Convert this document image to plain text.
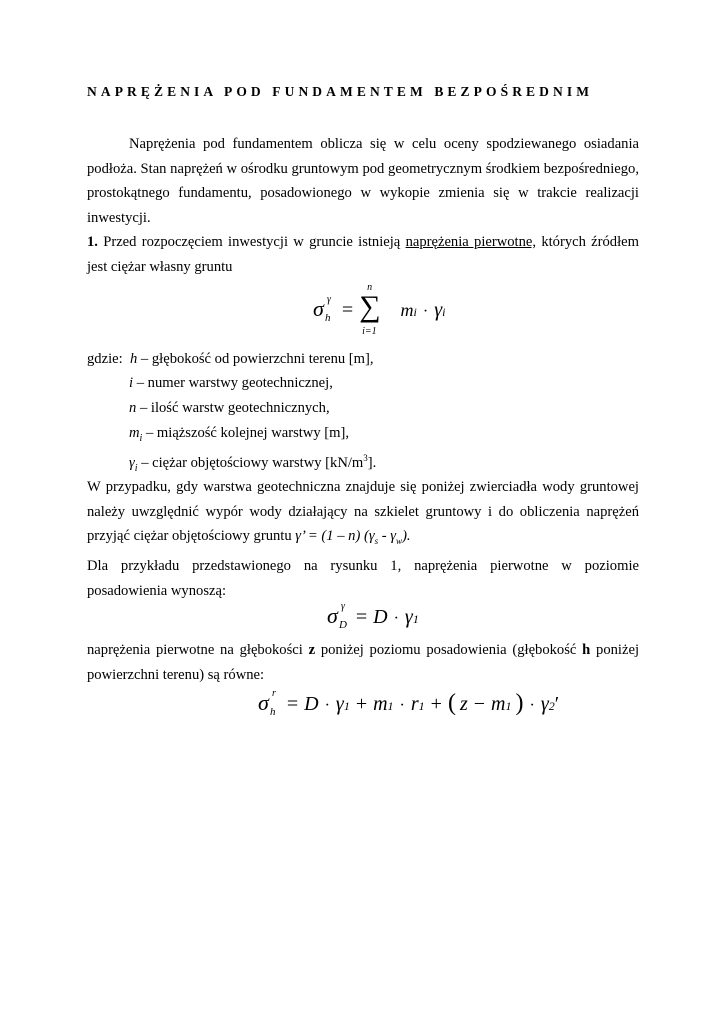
NAPRĘŻENIA POD FUNDAMENTEM BEZPOŚREDNIM

Naprężenia pod fundamentem oblicza się w celu oceny spodziewanego osiadania podłoża. Stan naprężeń w ośrodku gruntowym pod geometrycznym środkiem bezpośredniego, prostokątnego fundamentu, posadowionego w wykopie zmienia się w trakcie realizacji inwestycji.

1. Przed rozpoczęciem inwestycji w gruncie istnieją naprężenia pierwotne, których źródłem jest ciężar własny gruntu

σ γ
h = ∑
n
i=1
mi · γi
gdzie: h – głębokość od powierzchni terenu [m],
i – numer warstwy geotechnicznej,
n – ilość warstw geotechnicznych,
$m_i$ – miąższość kolejnej warstwy [m],
$\gamma_i$ – ciężar objętościowy warstwy $[kN/m^3]$.

W przypadku, gdy warstwa geotechniczna znajduje się poniżej zwierciadła wody gruntowej należy uwzględnić wypór wody działający na szkielet gruntowy i do obliczenia naprężeń przyjąć ciężar objętościowy gruntu γ’ = (1 – n) $(\gamma_s - \gamma_w)$.

Dla przykładu przedstawionego na rysunku 1, naprężenia pierwotne w poziomie posadowienia wynoszą:

σ γ
D = D · γ1

naprężenia pierwotne na głębokości z poniżej poziomu posadowienia (głębokość h poniżej powierzchni terenu) są równe:

σ r
h = D · γ1 + m1 · r1 + ( z − m1 ) · γ2′
